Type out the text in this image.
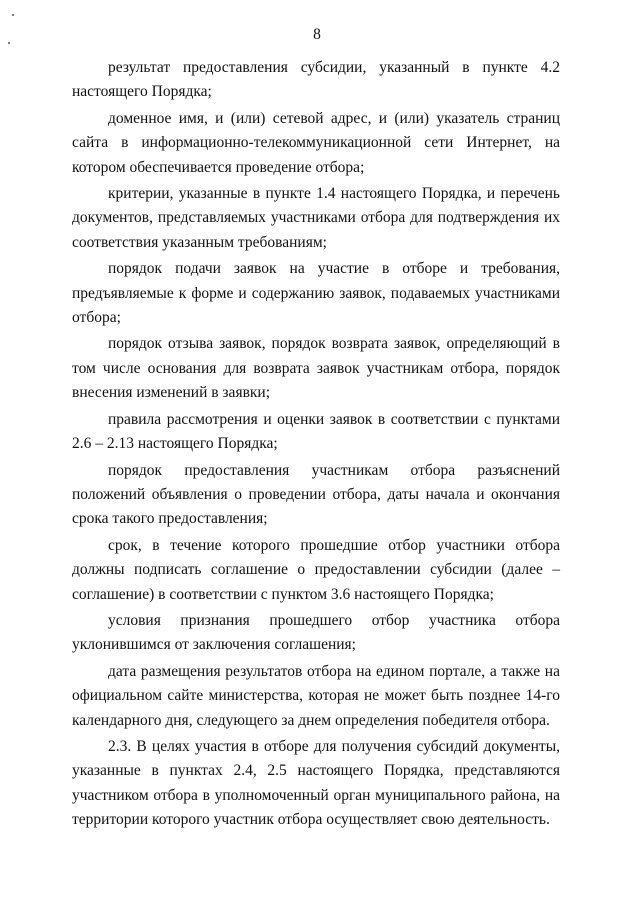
8

результат предоставления субсидии, указанный в пункте 4.2 настоящего Порядка;

доменное имя, и (или) сетевой адрес, и (или) указатель страниц сайта в информационно-телекоммуникационной сети Интернет, на котором обеспечивается проведение отбора;

критерии, указанные в пункте 1.4 настоящего Порядка, и перечень документов, представляемых участниками отбора для подтверждения их соответствия указанным требованиям;

порядок подачи заявок на участие в отборе и требования, предъявляемые к форме и содержанию заявок, подаваемых участниками отбора;

порядок отзыва заявок, порядок возврата заявок, определяющий в том числе основания для возврата заявок участникам отбора, порядок внесения изменений в заявки;

правила рассмотрения и оценки заявок в соответствии с пунктами 2.6 – 2.13 настоящего Порядка;

порядок предоставления участникам отбора разъяснений положений объявления о проведении отбора, даты начала и окончания срока такого предоставления;

срок, в течение которого прошедшие отбор участники отбора должны подписать соглашение о предоставлении субсидии (далее – соглашение) в соответствии с пунктом 3.6 настоящего Порядка;

условия признания прошедшего отбор участника отбора уклонившимся от заключения соглашения;

дата размещения результатов отбора на едином портале, а также на официальном сайте министерства, которая не может быть позднее 14-го календарного дня, следующего за днем определения победителя отбора.

2.3. В целях участия в отборе для получения субсидий документы, указанные в пунктах 2.4, 2.5 настоящего Порядка, представляются участником отбора в уполномоченный орган муниципального района, на территории которого участник отбора осуществляет свою деятельность.
